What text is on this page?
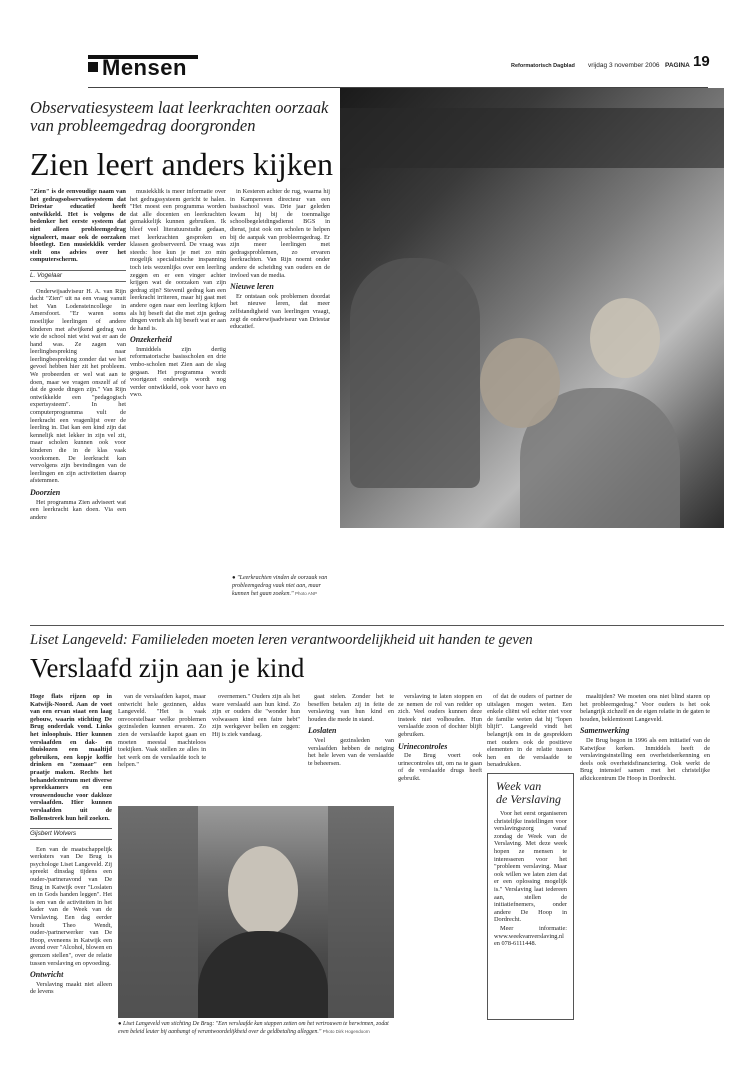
Mensen	Reformatorisch Dagblad vrijdag 3 november 2006 PAGINA 19
Observatiesysteem laat leerkrachten oorzaak
van probleemgedrag doorgronden
Zien leert anders kijken

"Zien" is de eenvoudige naam van het gedragsobservatiesysteem dat Driestar educatief heeft ontwikkeld. Het is volgens de bedenker het eerste systeem dat niet alleen probleemgedrag signaleert, maar ook de oorzaken blootlegt. Een musiekklik verder stelt ons advies over het computerscherm.

L. Vogelaar

Onderwijsadviseur H. A. van Rijn dacht "Zien" uit na een vraag vanuit het Van Lodensteincollege in Amersfoort. "Er waren soms moeilijke leerlingen of andere kinderen met afwijkend gedrag van wie de school niet wist wat er aan de hand was. Ze zagen van leerlingbespreking naar leerlingbespreking zonder dat we het gevoel hebben hier zit het probleem. We probeerden er wel wat aan te doen, maar we vragen onszelf af of dat de goede dingen zijn." Van Rijn ontwikkelde een "pedagogisch expertsysteem". In het computerprogramma vult de leerkracht een vragenlijst over de leerling in. Dat kan een kind zijn dat kennelijk niet lekker in zijn vel zit, maar scholen kunnen ook voor kinderen die in de klas vaak voorkomen. De leerkracht kan vervolgens zijn bevindingen van de leerlingen en zijn activiteiten daarop afstemmen.

Doorzien

Het programma Zien adviseert wat een leerkracht kan doen. Via een andere

musiekklik is meer informatie over het gedragssysteem gericht te halen. "Het moest een programma worden dat alle docenten en leerkrachten gemakkelijk kunnen gebruiken. Ik bleef veel literatuurstudie gedaan, met leerkrachten gesproken en klassen geobserveerd. De vraag was steeds: hoe kun je met zo min mogelijk specialistische inspanning toch iets wezenlijks over een leerling zeggen en er een vinger achter krijgen wat de oorzaken van zijn gedrag zijn? Stevenil gedrag kan een leerkracht irriteren, maar hij gaat met andere ogen naar een leerling kijken als hij beseft dat die met zijn gedrag dingen vertelt als hij beseft wat er aan de hand is.

Onzekerheid

Inmiddels zijn dertig reformatorische basisscholen en drie vmbo-scholen met Zien aan de slag gegaan. Het programma wordt voortgezet onderwijs wordt nog verder ontwikkeld, ook voor havo en vwo.

in Kesteren achter de rug, waarna hij in Kampersven directeur van een basisschool was. Drie jaar geleden kwam hij bij de toenmalige schoolbegeleidingsdienst BGS in dienst, juist ook om scholen te helpen bij de aanpak van probleemgedrag. Er zijn meer leerlingen met gedragsproblemen, zo ervaren leerkrachten. Van Rijn noemt onder andere de scheiding van ouders en de invloed van de media.

Nieuwe leren

Er ontstaan ook problemen doordat het nieuwe leren, dat meer zelfstandigheid van leerlingen vraagt, zegt de onderwijsadviseur van Driestar educatief.

● "Leerkrachten vinden de oorzaak van probleemgedrag vaak niet aan, maar kunnen het gaan zoeken." Photo ANP
Liset Langeveld: Familieleden moeten leren verantwoordelijkheid uit handen te geven
Verslaafd zijn aan je kind

Hoge flats rijzen op in Katwijk-Noord. Aan de voet van een ervan staat een laag gebouw, waarin stichting De Brug onderdak vond. Links het inloophuis. Hier kunnen verslaafden en dak- en thuislozen een maaltijd gebruiken, een kopje koffie drinken en "zomaar" een praatje maken. Rechts het behandelcentrum met diverse spreekkamers en een vrouwendouche voor dakloze verslaafden. Hier kunnen verslaafden uit de Bollenstreek hun heil zoeken.

Gijsbert Wolvers

Een van de maatschappelijk werksters van De Brug is psychologe Liset Langeveld. Zij spreekt dinsdag tijdens een ouder-/partneravond van De Brug in Katwijk over "Loslaten en in Gods handen leggen". Het is een van de activiteiten in het kader van de Week van de Verslaving. Een dag eerder houdt Theo Wendt, ouder-/partnerwerker van De Hoop, eveneens in Katwijk een avond over "Alcohol, blowen en grenzen stellen", over de relatie tussen verslaving en opvoeding.

Ontwricht

Verslaving maakt niet alleen de levens

van de verslaafden kapot, maar ontwricht hele gezinnen, aldus Langeveld. "Het is vaak onvoorstelbaar welke problemen gezinsleden kunnen ervaren. Zo zien de verslaafde kapot gaan en moeten meestal machteloos toekijken. Vaak stellen ze alles in het werk om de verslaafde toch te helpen."

overnemen." Ouders zijn als het ware verslaafd aan hun kind. Zo zijn er ouders die "wonder hun volwassen kind een faire hebt" zijn werkgever bellen en zeggen: Hij is ziek vandaag.

gaat stelen. Zonder het te beseffen betalen zij in feite de verslaving van hun kind en houden die mede in stand.

Loslaten

Veel gezinsleden van verslaafden hebben de neiging het hele leven van de verslaafde te beheersen.

● Liset Langeveld van stichting De Brug: "Een verslaafde kan stappen zetten om het vertrouwen te herwinnen, zodat even beleid leuter bij aanhangt of verantwoordelijkheid over de geldbetaling alleggen." Photo Dirk Hogendoorn

verslaving te laten stoppen en ze nemen de rol van redder op zich. Veel ouders kunnen deze insteek niet volhouden. Hun verslaafde zoon of dochter blijft gebruiken.

Urinecontroles

De Brug voert ook urinecontroles uit, om na te gaan of de verslaafde drugs heeft gebruikt.

of dat de ouders of partner de uitslagen mogen weten. Een enkele cliënt wil echter niet voor de familie weten dat hij "lopen blijft". Langeveld vindt het belangrijk om in de gesprekken met ouders ook de positieve elementen in de relatie tussen hen en de verslaafde te benadrukken.

Week van
de Verslaving

Voor het eerst organiseren christelijke instellingen voor verslavingszorg vanaf zondag de Week van de Verslaving. Met deze week hopen ze mensen te interesseren voor het "probleem verslaving. Maar ook willen we laten zien dat er een oplossing mogelijk is." Verslaving laat iedereen aan, stellen de initiatiefnemers, onder andere De Hoop in Dordrecht.

Meer informatie: www.weekvanverslaving.nl en 078-6111448.

maaltijden? We moeten ons niet blind staren op het probleemgedrag." Voor ouders is het ook belangrijk zichzelf en de eigen relatie in de gaten te houden, beklemtoont Langeveld.

Samenwerking

De Brug begon in 1996 als een initiatief van de Katwijkse kerken. Inmiddels heeft de verslavingsinstelling een overheidserkenning en deels ook overheidsfinanciering. Ook werkt de Brug intensief samen met het christelijke afkickcentrum De Hoop in Dordrecht.
